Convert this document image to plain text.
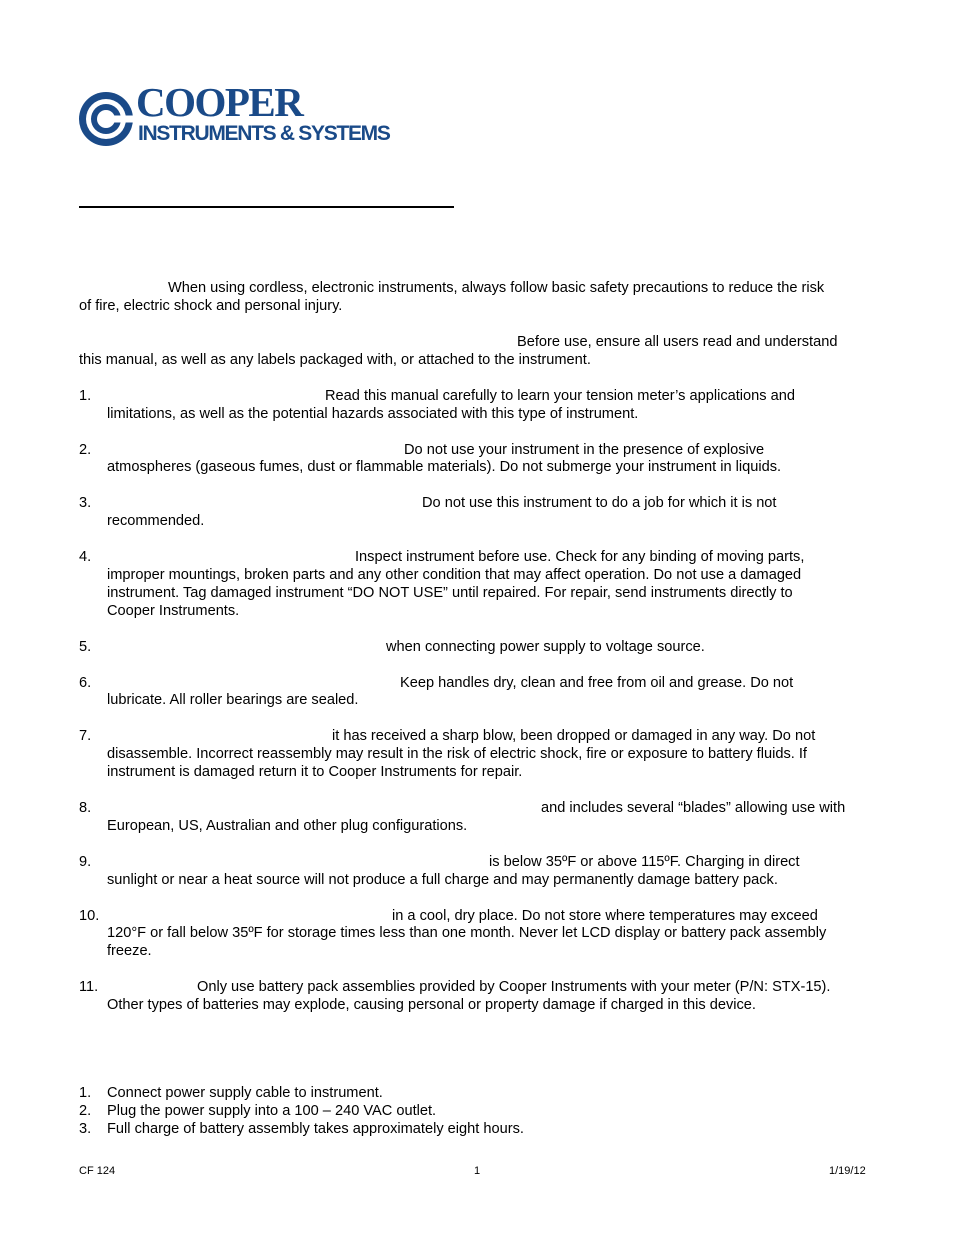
COOPER
INSTRUMENTS & SYSTEMS
When using cordless, electronic instruments, always follow basic safety precautions to reduce the risk
of fire, electric shock and personal injury.
Before use, ensure all users read and understand
this manual, as well as any labels packaged with, or attached to the instrument.
1.	Read this manual carefully to learn your tension meter’s applications and
limitations, as well as the potential hazards associated with this type of instrument.
2.	Do not use your instrument in the presence of explosive
atmospheres (gaseous fumes, dust or flammable materials). Do not submerge your instrument in liquids.
3.	Do not use this instrument to do a job for which it is not
recommended.
4.	Inspect instrument before use. Check for any binding of moving parts,
improper mountings, broken parts and any other condition that may affect operation. Do not use a damaged
instrument. Tag damaged instrument “DO NOT USE” until repaired. For repair, send instruments directly to
Cooper Instruments.
5.	when connecting power supply to voltage source.
6.	Keep handles dry, clean and free from oil and grease. Do not
lubricate. All roller bearings are sealed.
7.	it has received a sharp blow, been dropped or damaged in any way. Do not
disassemble. Incorrect reassembly may result in the risk of electric shock, fire or exposure to battery fluids. If
instrument is damaged return it to Cooper Instruments for repair.
8.	and includes several “blades” allowing use with
European, US, Australian and other plug configurations.
9.	is below 35ºF or above 115ºF. Charging in direct
sunlight or near a heat source will not produce a full charge and may permanently damage battery pack.
10.	in a cool, dry place. Do not store where temperatures may exceed
120°F or fall below 35ºF for storage times less than one month. Never let LCD display or battery pack assembly
freeze.
11.	Only use battery pack assemblies provided by Cooper Instruments with your meter (P/N: STX-15).
Other types of batteries may explode, causing personal or property damage if charged in this device.
1. Connect power supply cable to instrument.
2. Plug the power supply into a 100 – 240 VAC outlet.
3. Full charge of battery assembly takes approximately eight hours.
CF 124	1	1/19/12
